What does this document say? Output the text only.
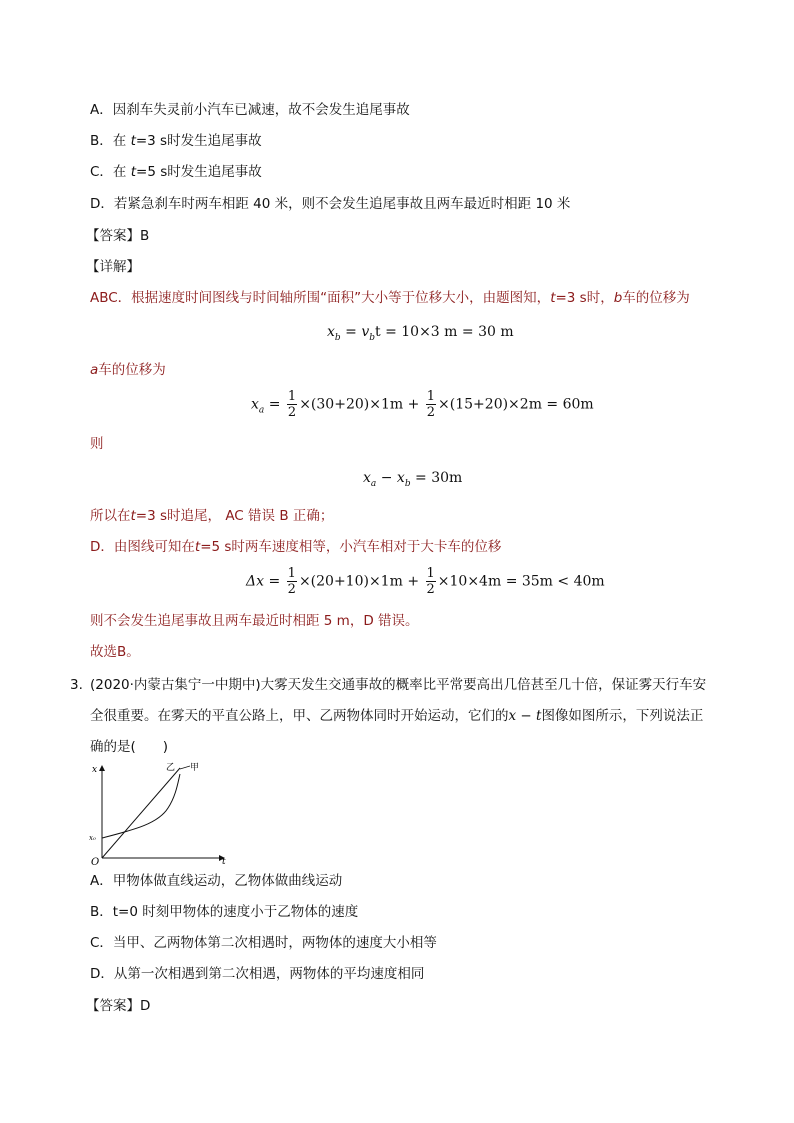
A．因刹车失灵前小汽车已减速，故不会发生追尾事故
B．在 t=3 s时发生追尾事故
C．在 t=5 s时发生追尾事故
D．若紧急刹车时两车相距 40 米，则不会发生追尾事故且两车最近时相距 10 米
【答案】B
【详解】
ABC．根据速度时间图线与时间轴所围“面积”大小等于位移大小，由题图知，t=3 s时，b车的位移为
$x_b = v_bt = 10\times 3$ m = 30 m
a车的位移为
$x_a = \frac{1}{2} \times(30+20)\times 1m + \frac{1}{2} \times(15+20)\times 2m = 60m$
则
$x_a - x_b = 30m$
所以在t=3 s时追尾， AC 错误 B 正确；
D．由图线可知在t=5 s时两车速度相等，小汽车相对于大卡车的位移
$\Delta x = \frac{1}{2} \times(20+10)\times 1m + \frac{1}{2} \times 10\times 4m = 35m < 40m$
则不会发生追尾事故且两车最近时相距 5 m，D 错误。
故选B。
3. (2020·内蒙古集宁一中期中)大雾天发生交通事故的概率比平常要高出几倍甚至几十倍，保证雾天行车安
全很重要。在雾天的平直公路上，甲、乙两物体同时开始运动，它们的x − t图像如图所示，下列说法正
确的是(　　)
x
t
O
x₀
乙 甲
A．甲物体做直线运动，乙物体做曲线运动
B．t=0 时刻甲物体的速度小于乙物体的速度
C．当甲、乙两物体第二次相遇时，两物体的速度大小相等
D．从第一次相遇到第二次相遇，两物体的平均速度相同
【答案】D
